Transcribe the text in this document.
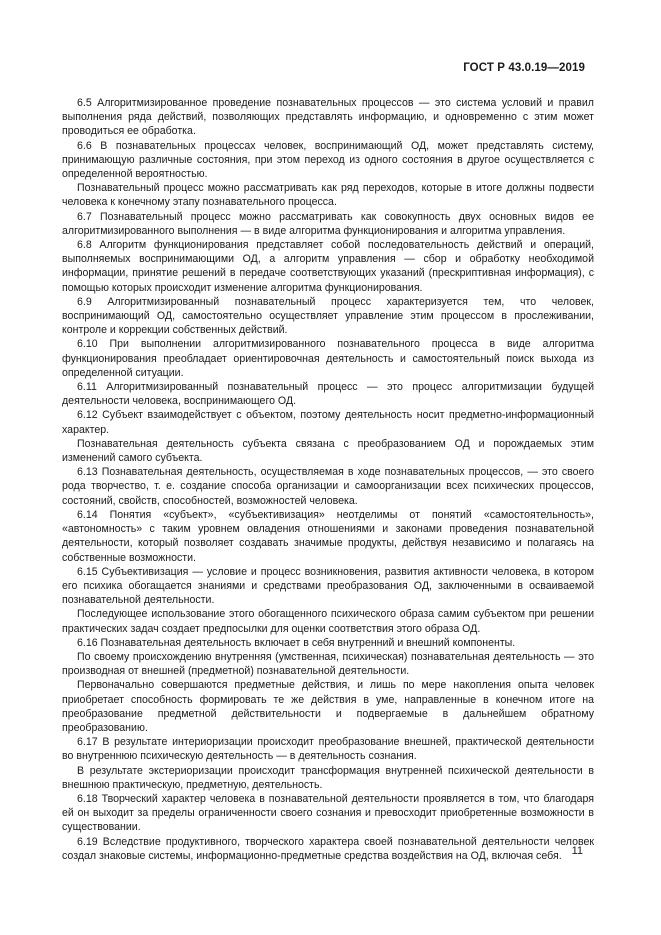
ГОСТ Р 43.0.19—2019

6.5 Алгоритмизированное проведение познавательных процессов — это система условий и правил выполнения ряда действий, позволяющих представлять информацию, и одновременно с этим может проводиться ее обработка.

6.6 В познавательных процессах человек, воспринимающий ОД, может представлять систему, принимающую различные состояния, при этом переход из одного состояния в другое осуществляется с определенной вероятностью.

Познавательный процесс можно рассматривать как ряд переходов, которые в итоге должны подвести человека к конечному этапу познавательного процесса.

6.7 Познавательный процесс можно рассматривать как совокупность двух основных видов ее алгоритмизированного выполнения — в виде алгоритма функционирования и алгоритма управления.

6.8 Алгоритм функционирования представляет собой последовательность действий и операций, выполняемых воспринимающими ОД, а алгоритм управления — сбор и обработку необходимой информации, принятие решений в передаче соответствующих указаний (прескриптивная информация), с помощью которых происходит изменение алгоритма функционирования.

6.9 Алгоритмизированный познавательный процесс характеризуется тем, что человек, воспринимающий ОД, самостоятельно осуществляет управление этим процессом в прослеживании, контроле и коррекции собственных действий.

6.10 При выполнении алгоритмизированного познавательного процесса в виде алгоритма функционирования преобладает ориентировочная деятельность и самостоятельный поиск выхода из определенной ситуации.

6.11 Алгоритмизированный познавательный процесс — это процесс алгоритмизации будущей деятельности человека, воспринимающего ОД.

6.12 Субъект взаимодействует с объектом, поэтому деятельность носит предметно-информационный характер.

Познавательная деятельность субъекта связана с преобразованием ОД и порождаемых этим изменений самого субъекта.

6.13 Познавательная деятельность, осуществляемая в ходе познавательных процессов, — это своего рода творчество, т. е. создание способа организации и самоорганизации всех психических процессов, состояний, свойств, способностей, возможностей человека.

6.14 Понятия «субъект», «субъективизация» неотделимы от понятий «самостоятельность», «автономность» с таким уровнем овладения отношениями и законами проведения познавательной деятельности, который позволяет создавать значимые продукты, действуя независимо и полагаясь на собственные возможности.

6.15 Субъективизация — условие и процесс возникновения, развития активности человека, в котором его психика обогащается знаниями и средствами преобразования ОД, заключенными в осваиваемой познавательной деятельности.

Последующее использование этого обогащенного психического образа самим субъектом при решении практических задач создает предпосылки для оценки соответствия этого образа ОД.

6.16 Познавательная деятельность включает в себя внутренний и внешний компоненты.

По своему происхождению внутренняя (умственная, психическая) познавательная деятельность — это производная от внешней (предметной) познавательной деятельности.

Первоначально совершаются предметные действия, и лишь по мере накопления опыта человек приобретает способность формировать те же действия в уме, направленные в конечном итоге на преобразование предметной действительности и подвергаемые в дальнейшем обратному преобразованию.

6.17 В результате интериоризации происходит преобразование внешней, практической деятельности во внутреннюю психическую деятельность — в деятельность сознания.

В результате экстериоризации происходит трансформация внутренней психической деятельности в внешнюю практическую, предметную, деятельность.

6.18 Творческий характер человека в познавательной деятельности проявляется в том, что благодаря ей он выходит за пределы ограниченности своего сознания и превосходит приобретенные возможности в существовании.

6.19 Вследствие продуктивного, творческого характера своей познавательной деятельности человек создал знаковые системы, информационно-предметные средства воздействия на ОД, включая себя. 11
